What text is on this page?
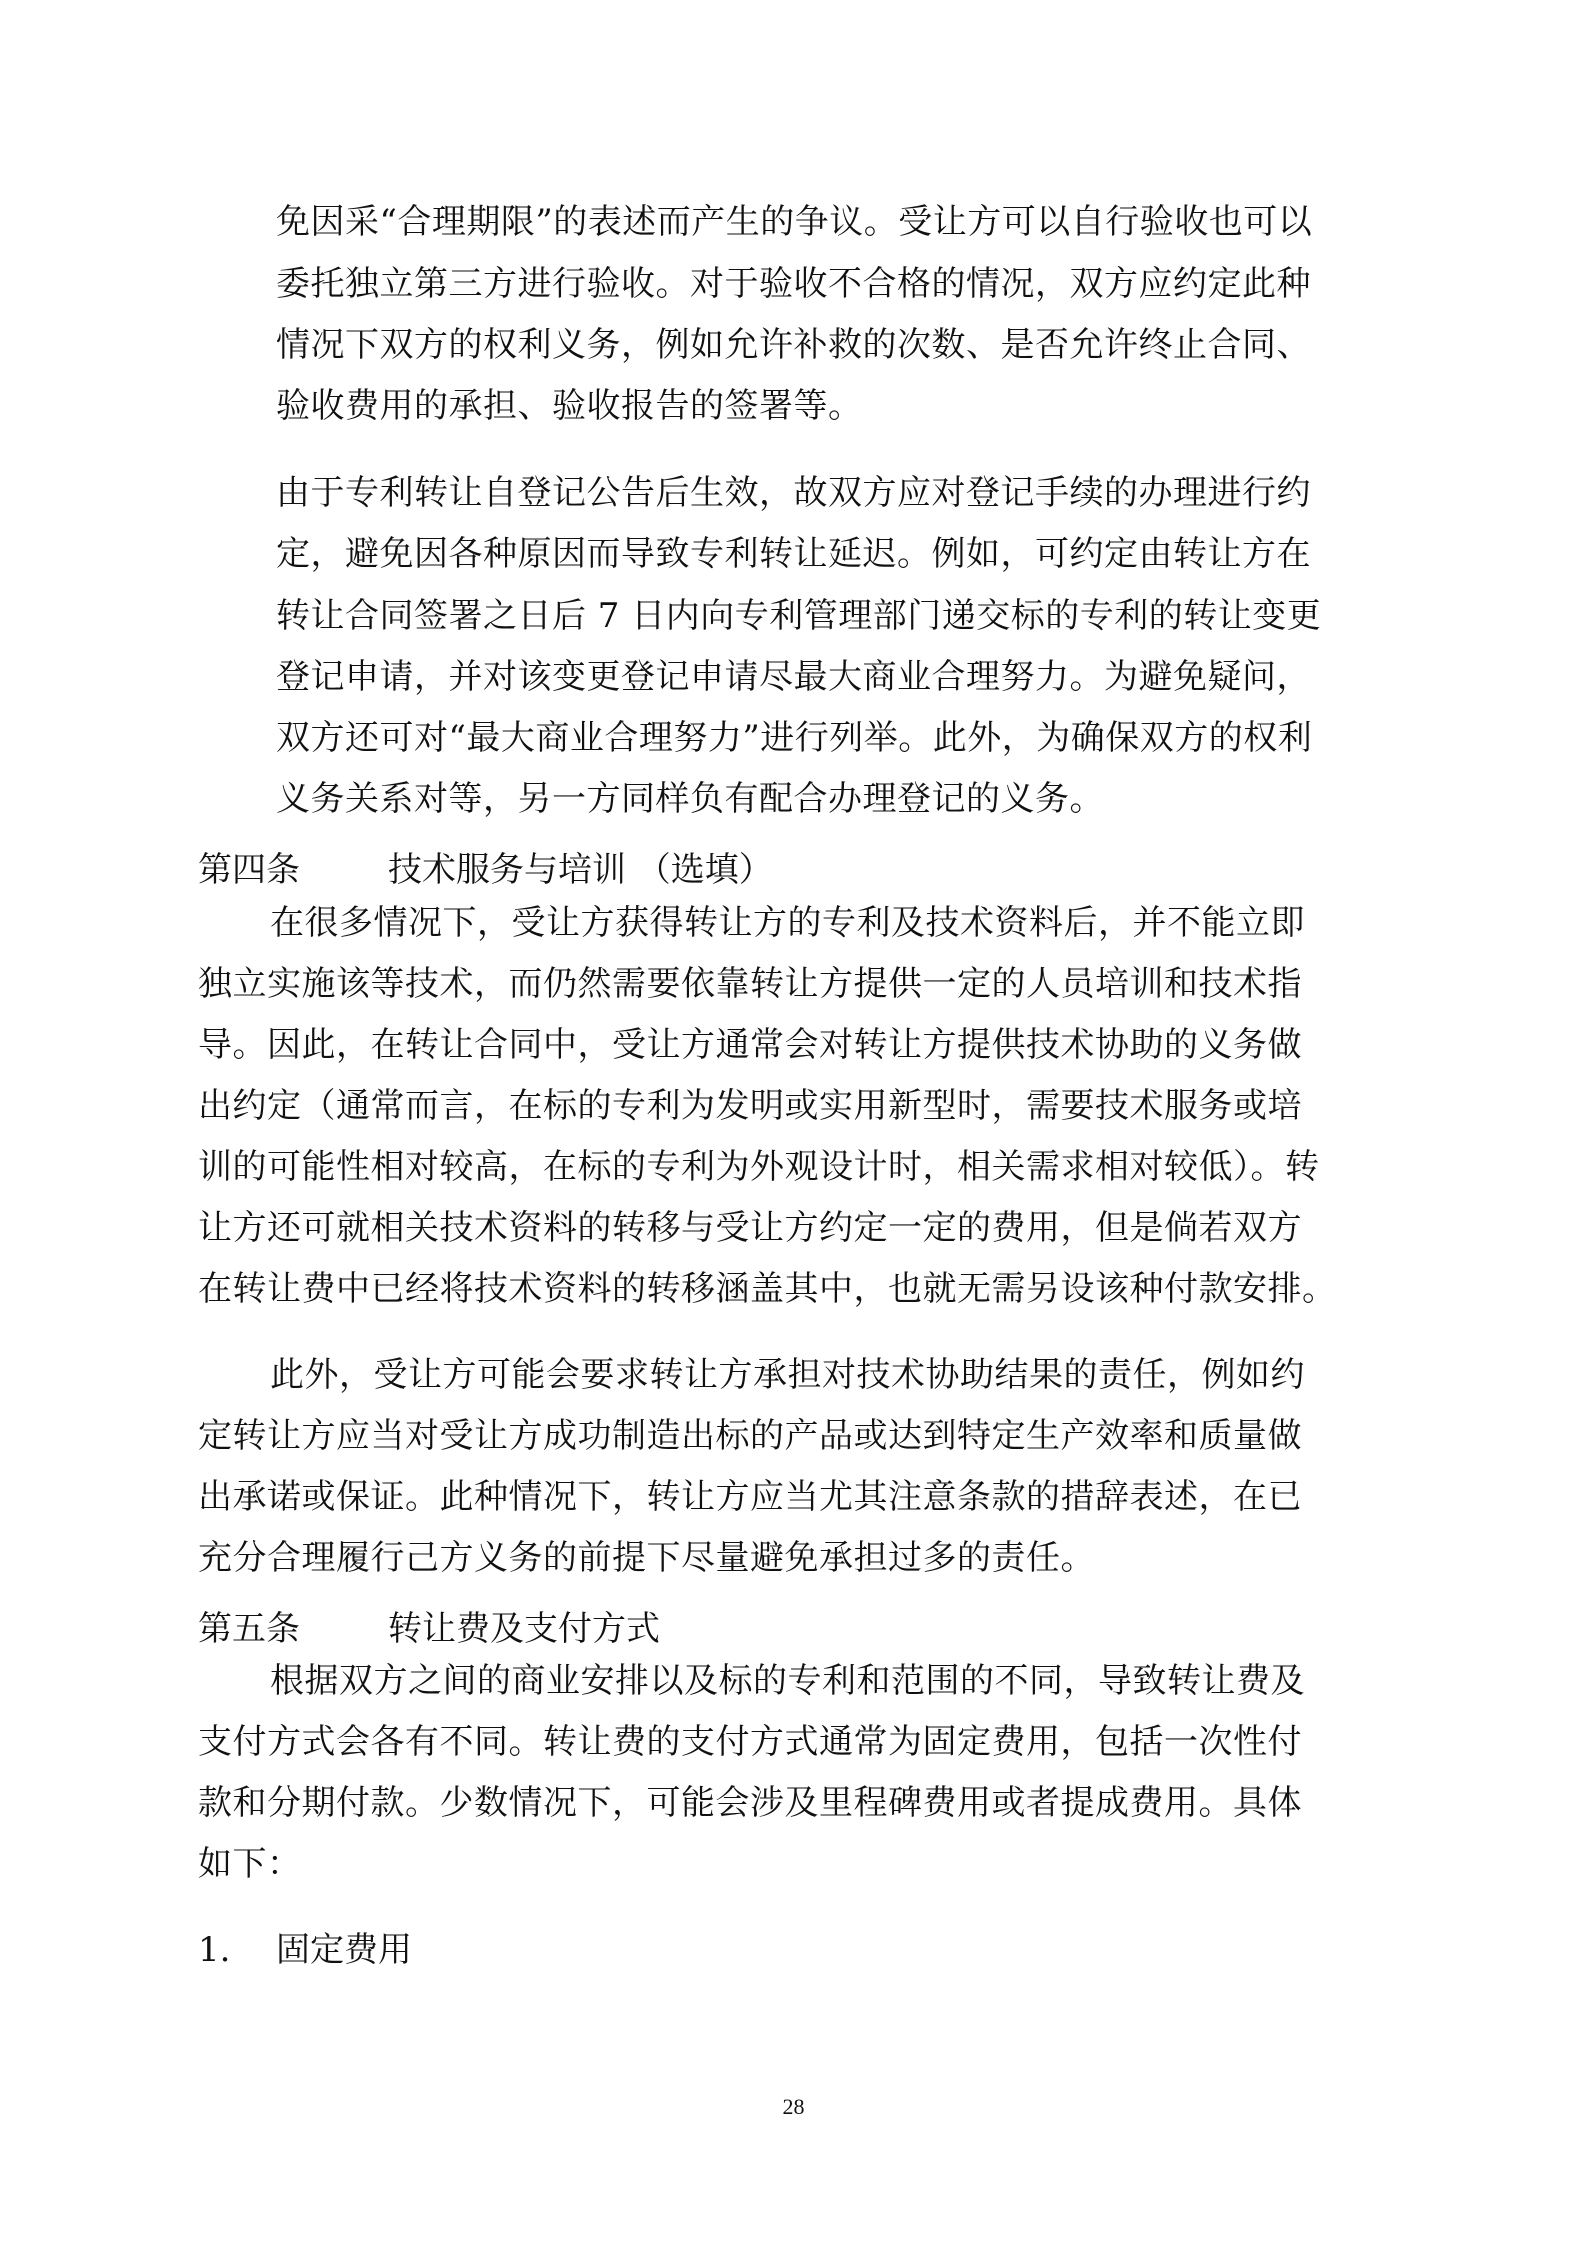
免因采“合理期限”的表述而产生的争议。受让方可以自行验收也可以
委托独立第三方进行验收。对于验收不合格的情况，双方应约定此种
情况下双方的权利义务，例如允许补救的次数、是否允许终止合同、
验收费用的承担、验收报告的签署等。
由于专利转让自登记公告后生效，故双方应对登记手续的办理进行约
定，避免因各种原因而导致专利转让延迟。例如，可约定由转让方在
转让合同签署之日后 7 日内向专利管理部门递交标的专利的转让变更
登记申请，并对该变更登记申请尽最大商业合理努力。为避免疑问，
双方还可对“最大商业合理努力”进行列举。此外，为确保双方的权利
义务关系对等，另一方同样负有配合办理登记的义务。
第四条	技术服务与培训 （选填）
在很多情况下，受让方获得转让方的专利及技术资料后，并不能立即
独立实施该等技术，而仍然需要依靠转让方提供一定的人员培训和技术指
导。因此，在转让合同中，受让方通常会对转让方提供技术协助的义务做
出约定（通常而言，在标的专利为发明或实用新型时，需要技术服务或培
训的可能性相对较高，在标的专利为外观设计时，相关需求相对较低）。转
让方还可就相关技术资料的转移与受让方约定一定的费用，但是倘若双方
在转让费中已经将技术资料的转移涵盖其中，也就无需另设该种付款安排。
此外，受让方可能会要求转让方承担对技术协助结果的责任，例如约
定转让方应当对受让方成功制造出标的产品或达到特定生产效率和质量做
出承诺或保证。此种情况下，转让方应当尤其注意条款的措辞表述，在已
充分合理履行己方义务的前提下尽量避免承担过多的责任。
第五条	转让费及支付方式
根据双方之间的商业安排以及标的专利和范围的不同，导致转让费及
支付方式会各有不同。转让费的支付方式通常为固定费用，包括一次性付
款和分期付款。少数情况下，可能会涉及里程碑费用或者提成费用。具体
如下：
1. 固定费用
28
